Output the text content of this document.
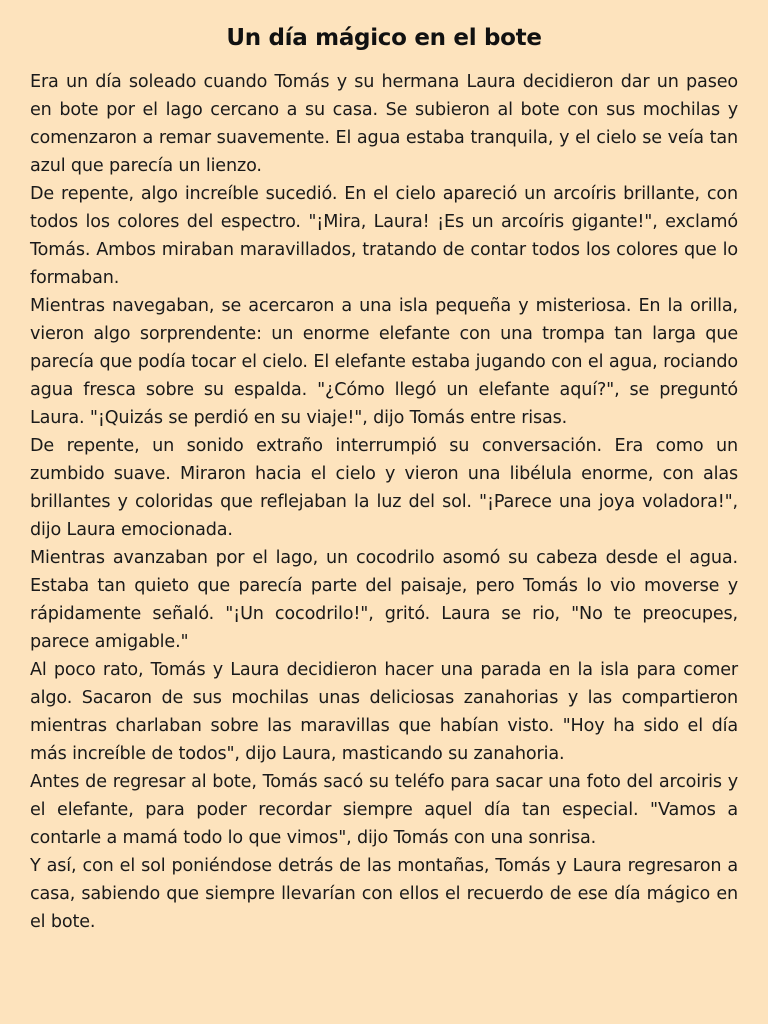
Un día mágico en el bote

Era un día soleado cuando Tomás y su hermana Laura decidieron dar un paseo en bote por el lago cercano a su casa. Se subieron al bote con sus mochilas y comenzaron a remar suavemente. El agua estaba tranquila, y el cielo se veía tan azul que parecía un lienzo.

De repente, algo increíble sucedió. En el cielo apareció un arcoíris brillante, con todos los colores del espectro. "¡Mira, Laura! ¡Es un arcoíris gigante!", exclamó Tomás. Ambos miraban maravillados, tratando de contar todos los colores que lo formaban.

Mientras navegaban, se acercaron a una isla pequeña y misteriosa. En la orilla, vieron algo sorprendente: un enorme elefante con una trompa tan larga que parecía que podía tocar el cielo. El elefante estaba jugando con el agua, rociando agua fresca sobre su espalda. "¿Cómo llegó un elefante aquí?", se preguntó Laura. "¡Quizás se perdió en su viaje!", dijo Tomás entre risas.

De repente, un sonido extraño interrumpió su conversación. Era como un zumbido suave. Miraron hacia el cielo y vieron una libélula enorme, con alas brillantes y coloridas que reflejaban la luz del sol. "¡Parece una joya voladora!", dijo Laura emocionada.

Mientras avanzaban por el lago, un cocodrilo asomó su cabeza desde el agua. Estaba tan quieto que parecía parte del paisaje, pero Tomás lo vio moverse y rápidamente señaló. "¡Un cocodrilo!", gritó. Laura se rio, "No te preocupes, parece amigable."

Al poco rato, Tomás y Laura decidieron hacer una parada en la isla para comer algo. Sacaron de sus mochilas unas deliciosas zanahorias y las compartieron mientras charlaban sobre las maravillas que habían visto. "Hoy ha sido el día más increíble de todos", dijo Laura, masticando su zanahoria.

Antes de regresar al bote, Tomás sacó su teléfo para sacar una foto del arcoiris y el elefante, para poder recordar siempre aquel día tan especial. "Vamos a contarle a mamá todo lo que vimos", dijo Tomás con una sonrisa.

Y así, con el sol poniéndose detrás de las montañas, Tomás y Laura regresaron a casa, sabiendo que siempre llevarían con ellos el recuerdo de ese día mágico en el bote.
